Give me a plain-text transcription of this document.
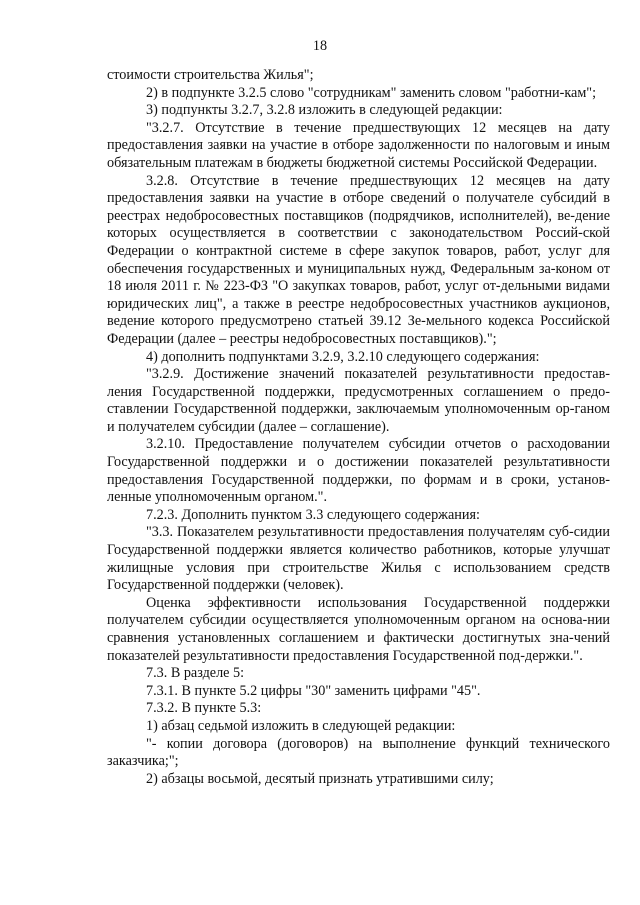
18

стоимости строительства Жилья";

2) в подпункте 3.2.5 слово "сотрудникам" заменить словом "работни-кам";

3) подпункты 3.2.7, 3.2.8 изложить в следующей редакции:

"3.2.7. Отсутствие в течение предшествующих 12 месяцев на дату предоставления заявки на участие в отборе задолженности по налоговым и иным обязательным платежам в бюджеты бюджетной системы Российской Федерации.

3.2.8. Отсутствие в течение предшествующих 12 месяцев на дату предоставления заявки на участие в отборе сведений о получателе субсидий в реестрах недобросовестных поставщиков (подрядчиков, исполнителей), ве-дение которых осуществляется в соответствии с законодательством Россий-ской Федерации о контрактной системе в сфере закупок товаров, работ, услуг для обеспечения государственных и муниципальных нужд, Федеральным за-коном от 18 июля 2011 г. № 223-ФЗ "О закупках товаров, работ, услуг от-дельными видами юридических лиц", а также в реестре недобросовестных участников аукционов, ведение которого предусмотрено статьей 39.12 Зе-мельного кодекса Российской Федерации (далее – реестры недобросовестных поставщиков).";

4) дополнить подпунктами 3.2.9, 3.2.10 следующего содержания:

"3.2.9. Достижение значений показателей результативности предостав-ления Государственной поддержки, предусмотренных соглашением о предо-ставлении Государственной поддержки, заключаемым уполномоченным ор-ганом и получателем субсидии (далее – соглашение).

3.2.10. Предоставление получателем субсидии отчетов о расходовании Государственной поддержки и о достижении показателей результативности предоставления Государственной поддержки, по формам и в сроки, установ-ленные уполномоченным органом.".

7.2.3. Дополнить пунктом 3.3 следующего содержания:

"3.3. Показателем результативности предоставления получателям суб-сидии Государственной поддержки является количество работников, которые улучшат жилищные условия при строительстве Жилья с использованием средств Государственной поддержки (человек).

Оценка эффективности использования Государственной поддержки получателем субсидии осуществляется уполномоченным органом на основа-нии сравнения установленных соглашением и фактически достигнутых зна-чений показателей результативности предоставления Государственной под-держки.".

7.3. В разделе 5:

7.3.1. В пункте 5.2 цифры "30" заменить цифрами "45".

7.3.2. В пункте 5.3:

1) абзац седьмой изложить в следующей редакции:

"- копии договора (договоров) на выполнение функций технического заказчика;";

2) абзацы восьмой, десятый признать утратившими силу;
